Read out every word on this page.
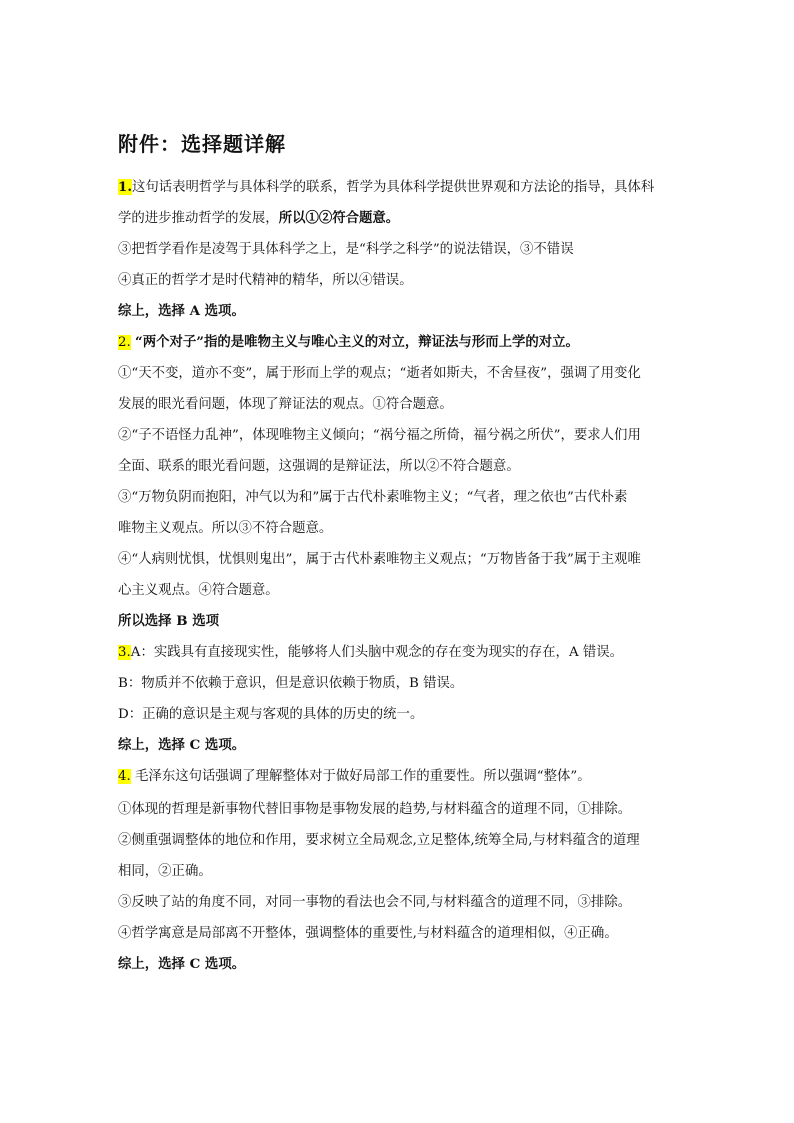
附件：选择题详解

1.这句话表明哲学与具体科学的联系，哲学为具体科学提供世界观和方法论的指导，具体科

学的进步推动哲学的发展，所以①②符合题意。

③把哲学看作是凌驾于具体科学之上，是“科学之科学”的说法错误，③不错误

④真正的哲学才是时代精神的精华，所以④错误。

综上，选择 A 选项。

2. “两个对子”指的是唯物主义与唯心主义的对立，辩证法与形而上学的对立。

①“天不变，道亦不变”，属于形而上学的观点；“逝者如斯夫，不舍昼夜”，强调了用变化

发展的眼光看问题，体现了辩证法的观点。①符合题意。

②“子不语怪力乱神”，体现唯物主义倾向；“祸兮福之所倚，福兮祸之所伏”，要求人们用

全面、联系的眼光看问题，这强调的是辩证法，所以②不符合题意。

③“万物负阴而抱阳，冲气以为和”属于古代朴素唯物主义；“气者，理之依也”古代朴素

唯物主义观点。所以③不符合题意。

④“人病则忧惧，忧惧则鬼出”，属于古代朴素唯物主义观点；“万物皆备于我”属于主观唯

心主义观点。④符合题意。

所以选择 B 选项

3.A：实践具有直接现实性，能够将人们头脑中观念的存在变为现实的存在，A 错误。

B：物质并不依赖于意识，但是意识依赖于物质，B 错误。

D：正确的意识是主观与客观的具体的历史的统一。

综上，选择 C 选项。

4. 毛泽东这句话强调了理解整体对于做好局部工作的重要性。所以强调“整体”。

①体现的哲理是新事物代替旧事物是事物发展的趋势,与材料蕴含的道理不同，①排除。

②侧重强调整体的地位和作用，要求树立全局观念,立足整体,统筹全局,与材料蕴含的道理

相同，②正确。

③反映了站的角度不同，对同一事物的看法也会不同,与材料蕴含的道理不同，③排除。

④哲学寓意是局部离不开整体，强调整体的重要性,与材料蕴含的道理相似，④正确。

综上，选择 C 选项。
